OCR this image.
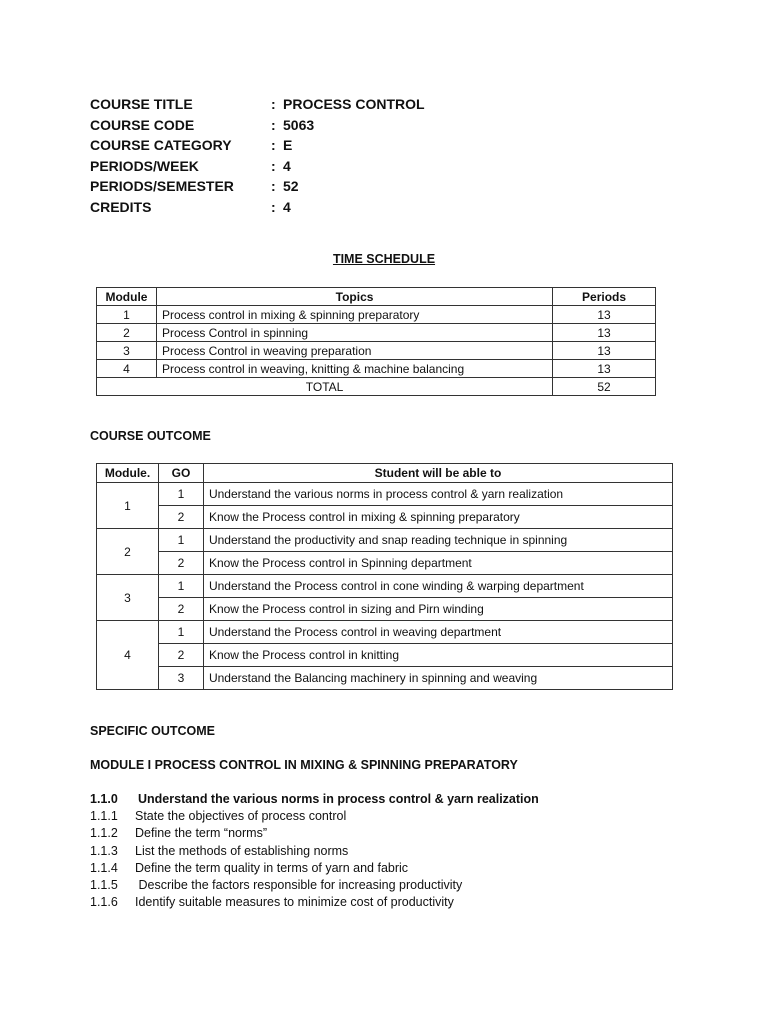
COURSE TITLE	: PROCESS CONTROL
COURSE CODE	: 5063
COURSE CATEGORY	: E
PERIODS/WEEK	: 4
PERIODS/SEMESTER	: 52
CREDITS	: 4
TIME SCHEDULE
Module	Topics	Periods
1	Process control in mixing & spinning preparatory	13
2	Process Control in spinning	13
3	Process Control in weaving preparation	13
4	Process control in weaving, knitting & machine balancing	13
TOTAL		52
COURSE OUTCOME
Module.	GO	Student will be able to
1	1	Understand the various norms in process control & yarn realization
	2	Know the Process control in mixing & spinning preparatory
2	1	Understand the productivity and snap reading technique in spinning
	2	Know the Process control in Spinning department
3	1	Understand the Process control in cone winding & warping department
	2	Know the Process control in sizing and Pirn winding
4	1	Understand the Process control in weaving department
	2	Know the Process control in knitting
	3	Understand the Balancing machinery in spinning and weaving
SPECIFIC OUTCOME
MODULE I PROCESS CONTROL IN MIXING & SPINNING PREPARATORY
1.1.0 Understand the various norms in process control & yarn realization
1.1.1 State the objectives of process control
1.1.2 Define the term “norms”
1.1.3 List the methods of establishing norms
1.1.4 Define the term quality in terms of yarn and fabric
1.1.5 Describe the factors responsible for increasing productivity
1.1.6 Identify suitable measures to minimize cost of productivity
